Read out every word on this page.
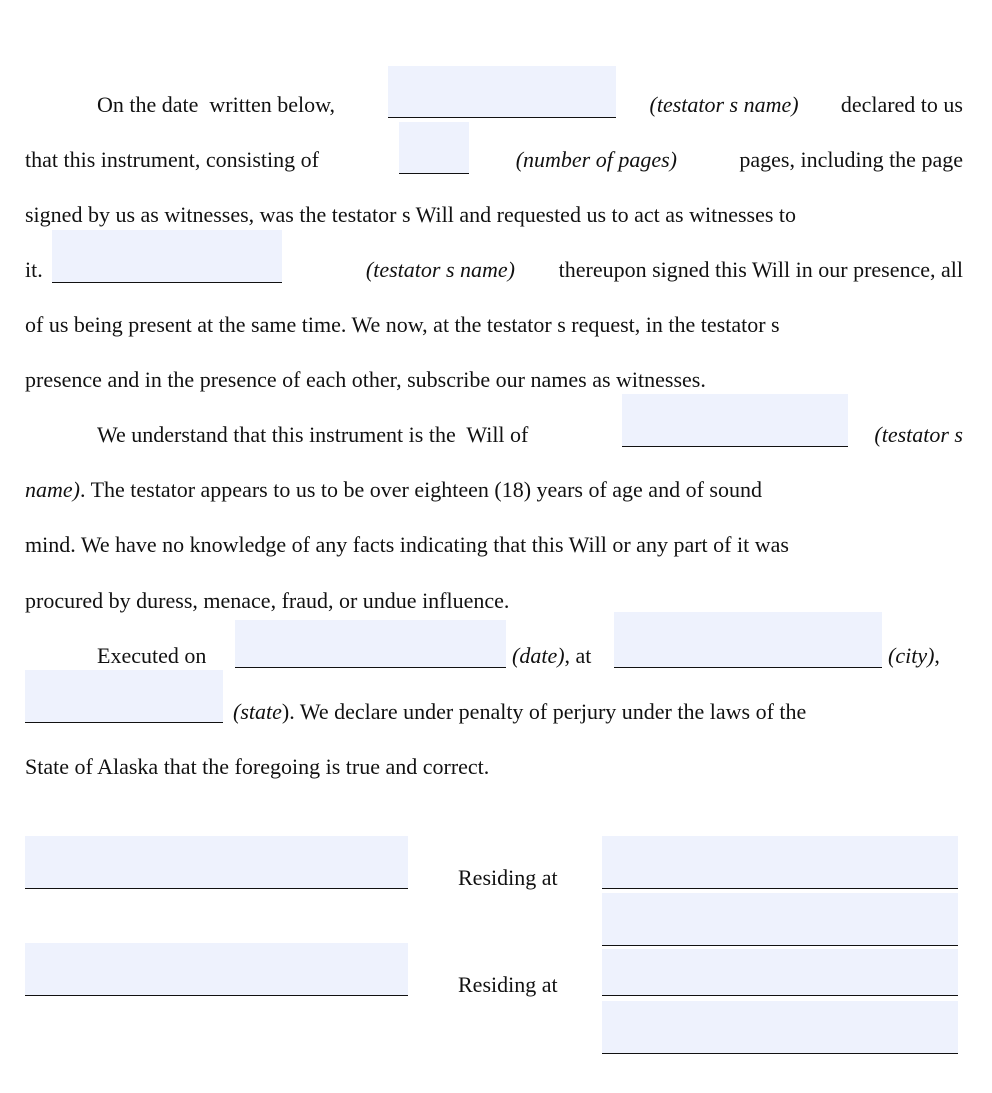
On the date  written below,	(testator s name) declared to us
that this instrument, consisting of	(number of pages)	pages, including the page
signed by us as witnesses, was the testator s Will and requested us to act as witnesses to
it.	(testator s name) thereupon signed this Will in our presence, all
of us being present at the same time. We now, at the testator s request, in the testator s
presence and in the presence of each other, subscribe our names as witnesses.
We understand that this instrument is the  Will of	(testator s
name). The testator appears to us to be over eighteen (18) years of age and of sound
mind. We have no knowledge of any facts indicating that this Will or any part of it was
procured by duress, menace, fraud, or undue influence.
Executed on	(date), at	(city),
(state). We declare under penalty of perjury under the laws of the
State of Alaska that the foregoing is true and correct.
Residing at
Residing at
